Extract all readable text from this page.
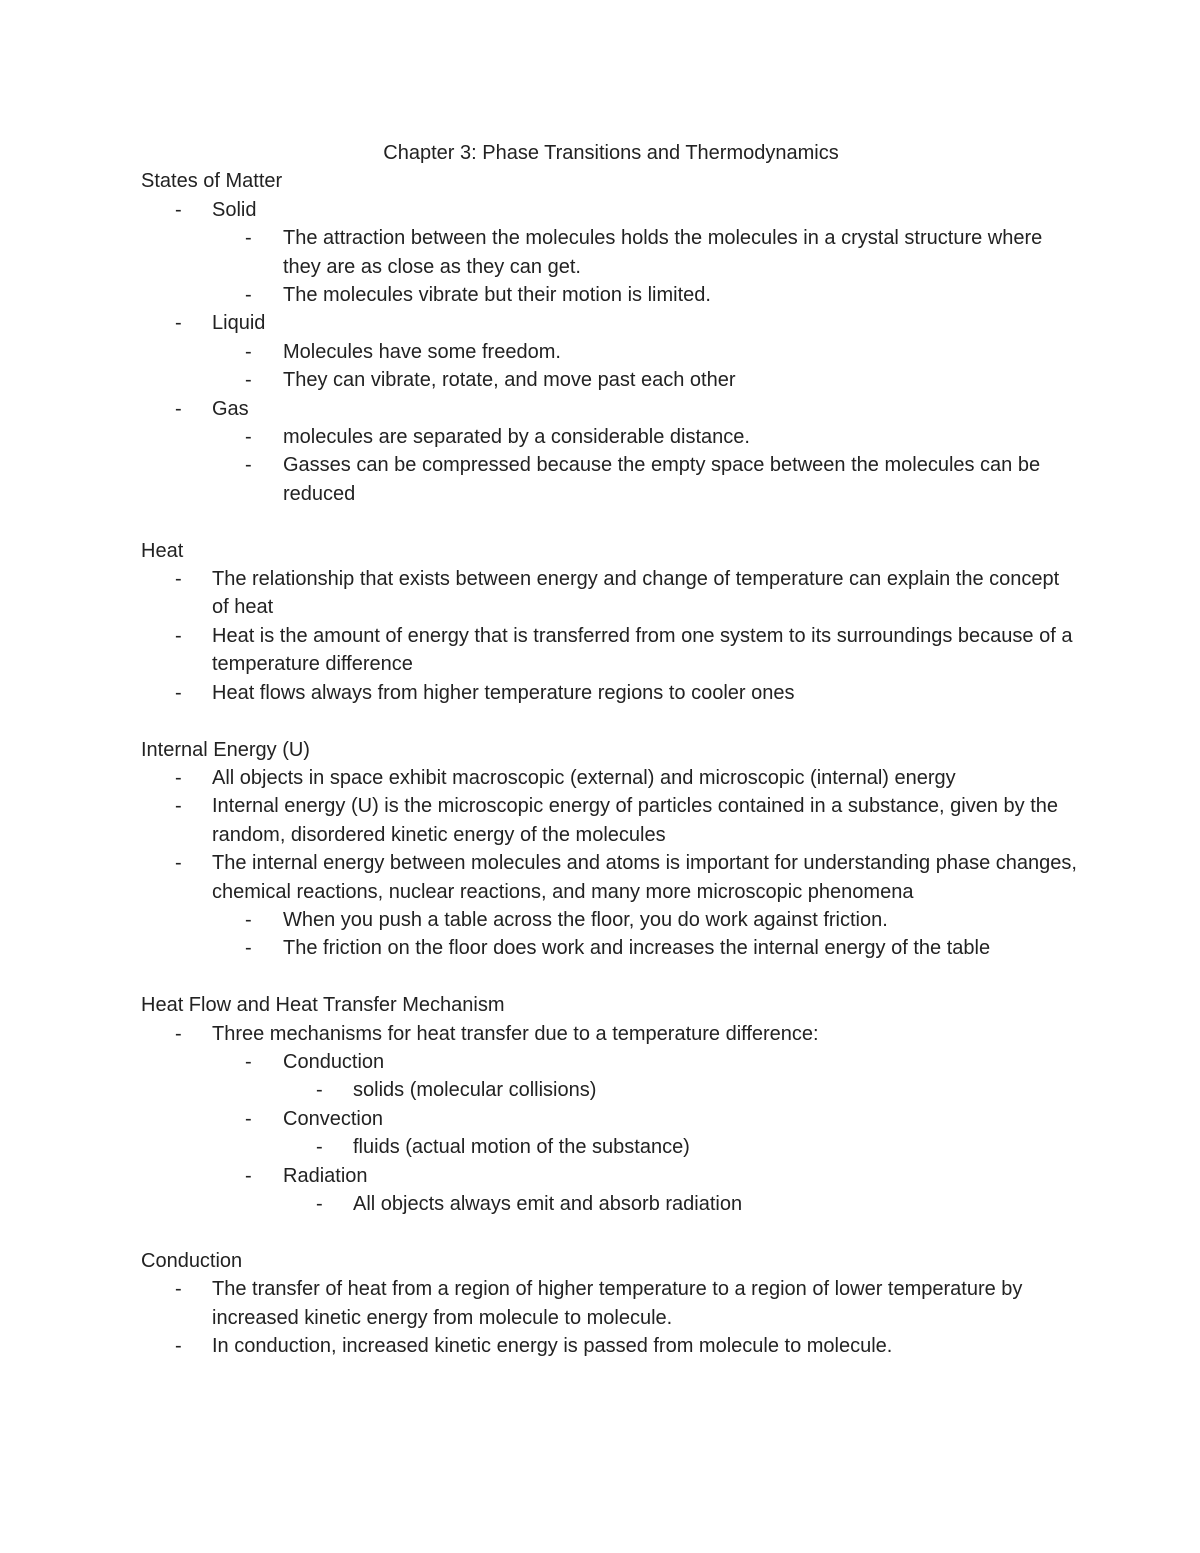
Chapter 3: Phase Transitions and Thermodynamics
States of Matter
- Solid
- The attraction between the molecules holds the molecules in a crystal structure where they are as close as they can get.
- The molecules vibrate but their motion is limited.
- Liquid
- Molecules have some freedom.
- They can vibrate, rotate, and move past each other
- Gas
- molecules are separated by a considerable distance.
- Gasses can be compressed because the empty space between the molecules can be reduced
Heat
- The relationship that exists between energy and change of temperature can explain the concept of heat
- Heat is the amount of energy that is transferred from one system to its surroundings because of a temperature difference
- Heat flows always from higher temperature regions to cooler ones
Internal Energy (U)
- All objects in space exhibit macroscopic (external) and microscopic (internal) energy
- Internal energy (U) is the microscopic energy of particles contained in a substance, given by the random, disordered kinetic energy of the molecules
- The internal energy between molecules and atoms is important for understanding phase changes, chemical reactions, nuclear reactions, and many more microscopic phenomena
- When you push a table across the floor, you do work against friction.
- The friction on the floor does work and increases the internal energy of the table
Heat Flow and Heat Transfer Mechanism
- Three mechanisms for heat transfer due to a temperature difference:
- Conduction
- solids (molecular collisions)
- Convection
- fluids (actual motion of the substance)
- Radiation
- All objects always emit and absorb radiation
Conduction
- The transfer of heat from a region of higher temperature to a region of lower temperature by increased kinetic energy from molecule to molecule.
- In conduction, increased kinetic energy is passed from molecule to molecule.
